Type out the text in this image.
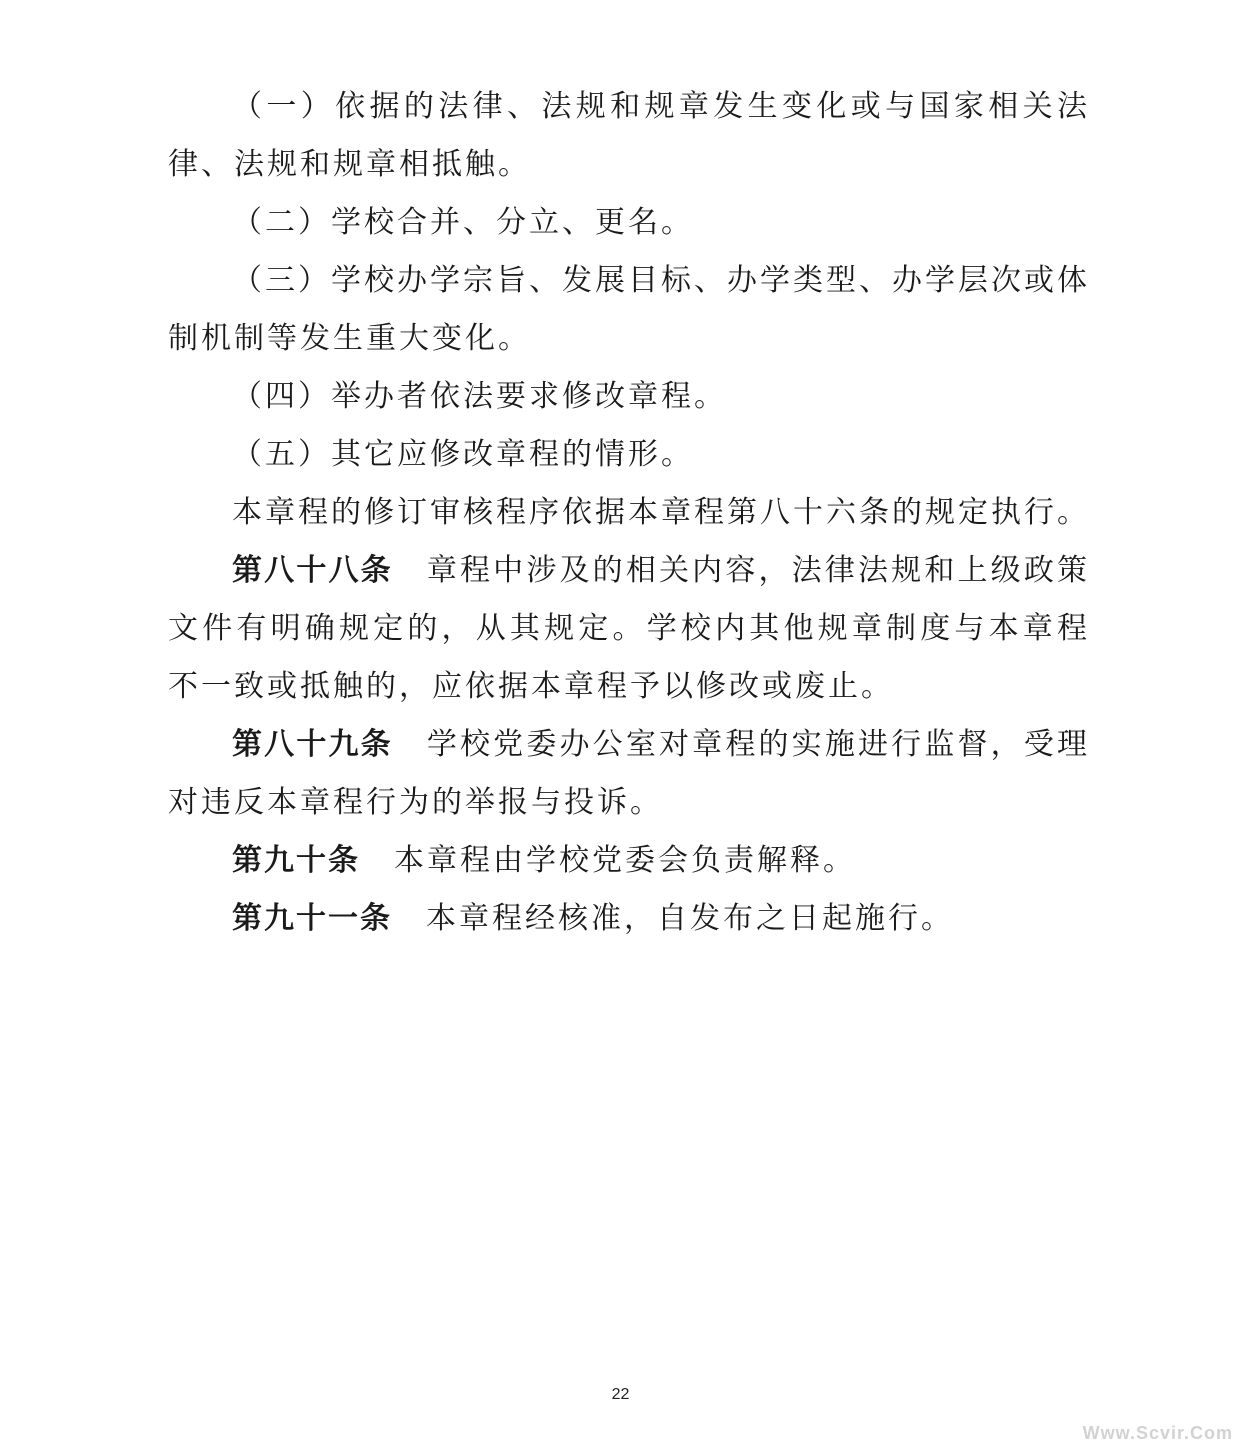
（一）依据的法律、法规和规章发生变化或与国家相关法律、法规和规章相抵触。

（二）学校合并、分立、更名。

（三）学校办学宗旨、发展目标、办学类型、办学层次或体制机制等发生重大变化。

（四）举办者依法要求修改章程。

（五）其它应修改章程的情形。

本章程的修订审核程序依据本章程第八十六条的规定执行。

第八十八条 章程中涉及的相关内容，法律法规和上级政策文件有明确规定的，从其规定。学校内其他规章制度与本章程不一致或抵触的，应依据本章程予以修改或废止。

第八十九条 学校党委办公室对章程的实施进行监督，受理对违反本章程行为的举报与投诉。

第九十条 本章程由学校党委会负责解释。

第九十一条 本章程经核准，自发布之日起施行。

22
Www.Scvir.Com
